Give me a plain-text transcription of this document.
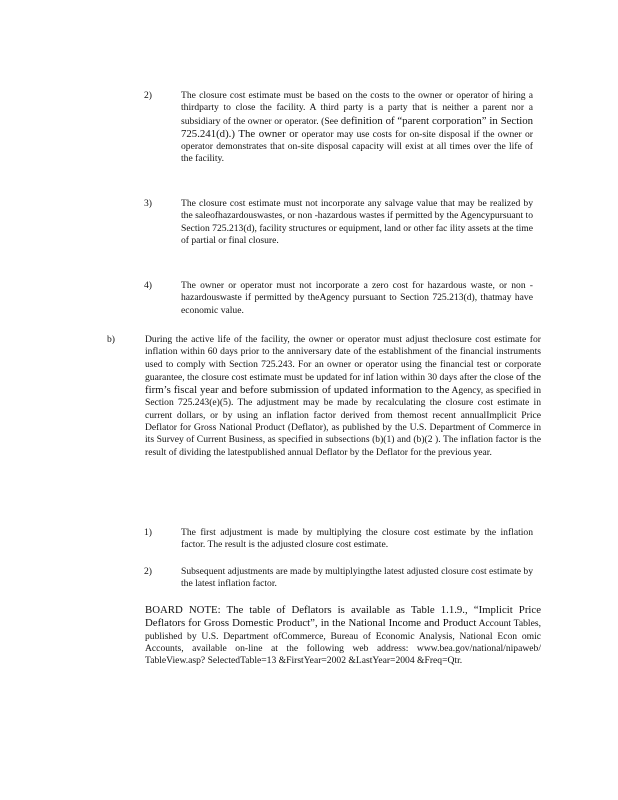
2)	The closure cost estimate must be based on the costs to the owner or operator of hiring a thirdparty to close the facility. A third party is a party that is neither a parent nor a subsidiary of the owner or operator. (See definition of “parent corporation” in Section 725.241(d).) The owner or operator may use costs for on-site disposal if the owner or operator demonstrates that on-site disposal capacity will exist at all times over the life of the facility.
3)	The closure cost estimate must not incorporate any salvage value that may be realized by the saleofhazardouswastes, or non -hazardous wastes if permitted by the Agencypursuant to Section 725.213(d), facility structures or equipment, land or other fac ility assets at the time of partial or final closure.
4)	The owner or operator must not incorporate a zero cost for hazardous waste, or non -hazardouswaste if permitted by theAgency pursuant to Section 725.213(d), thatmay have economic value.
b)	During the active life of the facility, the owner or operator must adjust theclosure cost estimate for inflation within 60 days prior to the anniversary date of the establishment of the financial instruments used to comply with Section 725.243. For an owner or operator using the financial test or corporate guarantee, the closure cost estimate must be updated for inf lation within 30 days after the close of the firm’s fiscal year and before submission of updated information to the Agency, as specified in Section 725.243(e)(5). The adjustment may be made by recalculating the closure cost estimate in current dollars, or by using an inflation factor derived from themost recent annualImplicit Price Deflator for Gross National Product (Deflator), as published by the U.S. Department of Commerce in its Survey of Current Business, as specified in subsections (b)(1) and (b)(2 ). The inflation factor is the result of dividing the latestpublished annual Deflator by the Deflator for the previous year.
1)	The first adjustment is made by multiplying the closure cost estimate by the inflation factor. The result is the adjusted closure cost estimate.
2)	Subsequent adjustments are made by multiplyingthe latest adjusted closure cost estimate by the latest inflation factor.
BOARD NOTE: The table of Deflators is available as Table 1.1.9., “Implicit Price Deflators for Gross Domestic Product”, in the National Income and Product Account Tables, published by U.S. Department ofCommerce, Bureau of Economic Analysis, National Econ omic Accounts, available on-line at the following web address: www.bea.gov/national/nipaweb/ TableView.asp? SelectedTable=13 &FirstYear=2002 &LastYear=2004 &Freq=Qtr.
